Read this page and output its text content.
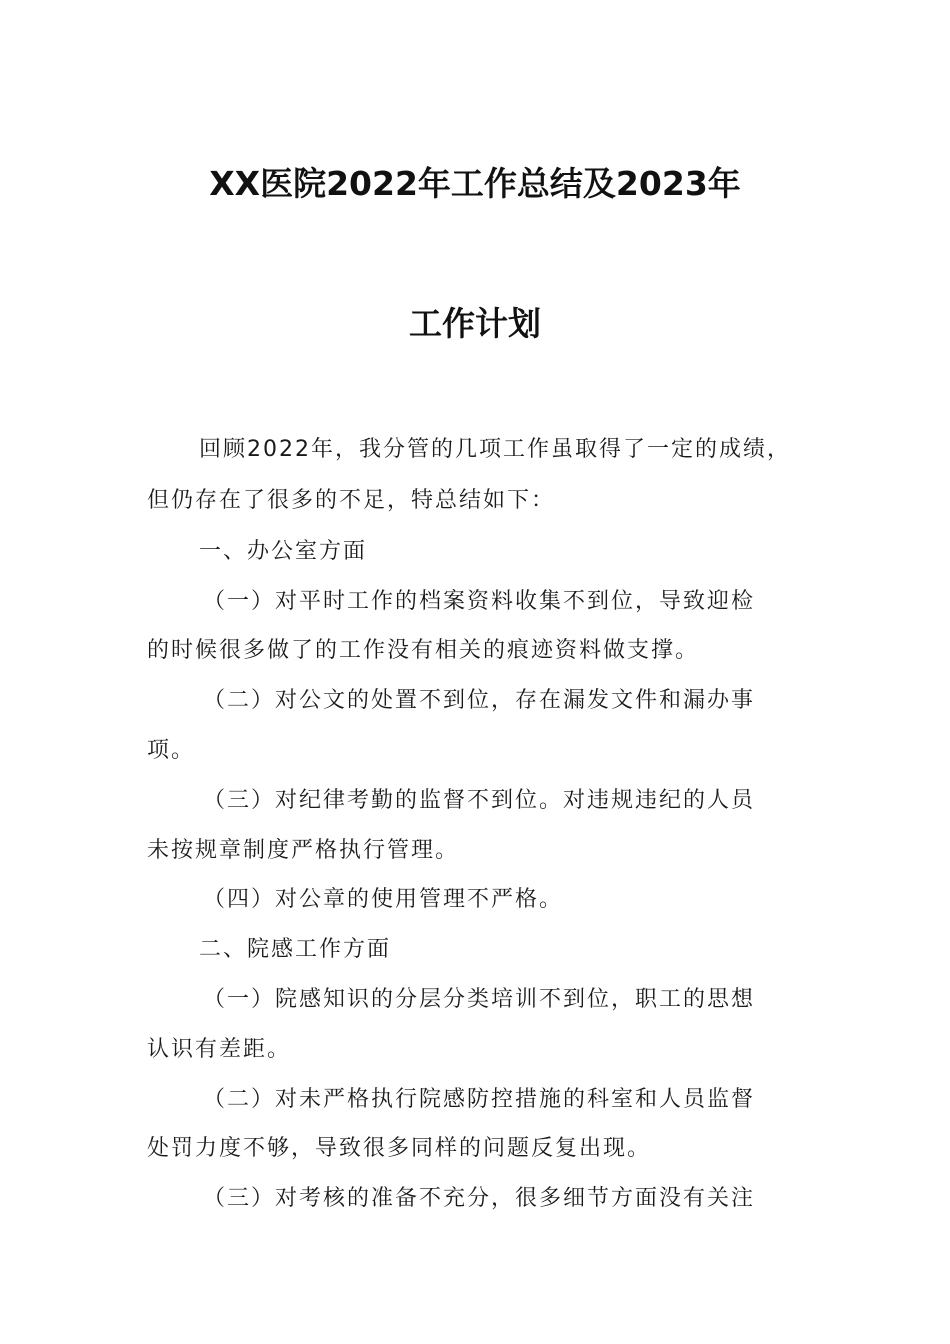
XX医院2022年工作总结及2023年
工作计划
回顾2022年，我分管的几项工作虽取得了一定的成绩，
但仍存在了很多的不足，特总结如下：
一、办公室方面
（一）对平时工作的档案资料收集不到位，导致迎检
的时候很多做了的工作没有相关的痕迹资料做支撑。
（二）对公文的处置不到位，存在漏发文件和漏办事
项。
（三）对纪律考勤的监督不到位。对违规违纪的人员
未按规章制度严格执行管理。
（四）对公章的使用管理不严格。
二、院感工作方面
（一）院感知识的分层分类培训不到位，职工的思想
认识有差距。
（二）对未严格执行院感防控措施的科室和人员监督
处罚力度不够，导致很多同样的问题反复出现。
（三）对考核的准备不充分，很多细节方面没有关注
